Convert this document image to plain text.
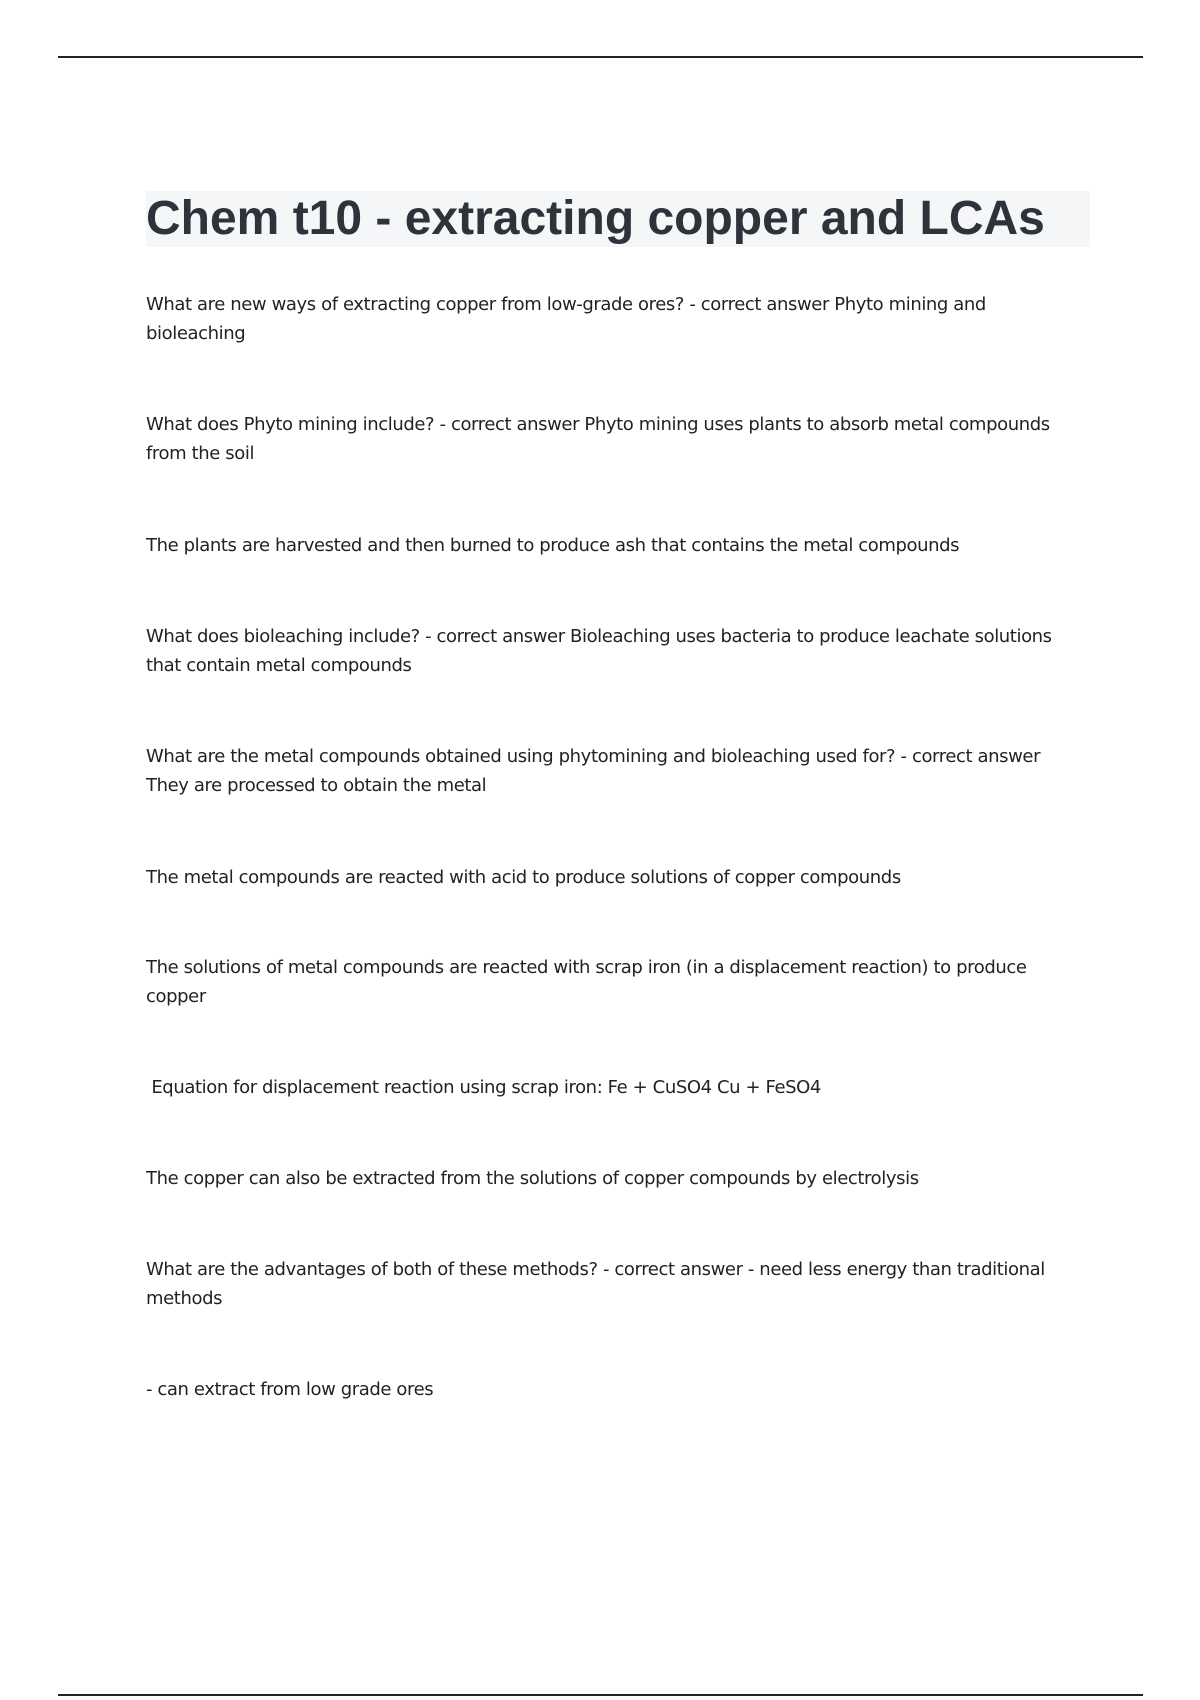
Chem t10 - extracting copper and LCAs

What are new ways of extracting copper from low-grade ores? - correct answer Phyto mining and bioleaching

What does Phyto mining include? - correct answer Phyto mining uses plants to absorb metal compounds from the soil

The plants are harvested and then burned to produce ash that contains the metal compounds

What does bioleaching include? - correct answer Bioleaching uses bacteria to produce leachate solutions that contain metal compounds

What are the metal compounds obtained using phytomining and bioleaching used for? - correct answer They are processed to obtain the metal

The metal compounds are reacted with acid to produce solutions of copper compounds

The solutions of metal compounds are reacted with scrap iron (in a displacement reaction) to produce copper

Equation for displacement reaction using scrap iron: Fe + CuSO4 Cu + FeSO4

The copper can also be extracted from the solutions of copper compounds by electrolysis

What are the advantages of both of these methods? - correct answer - need less energy than traditional methods

- can extract from low grade ores
